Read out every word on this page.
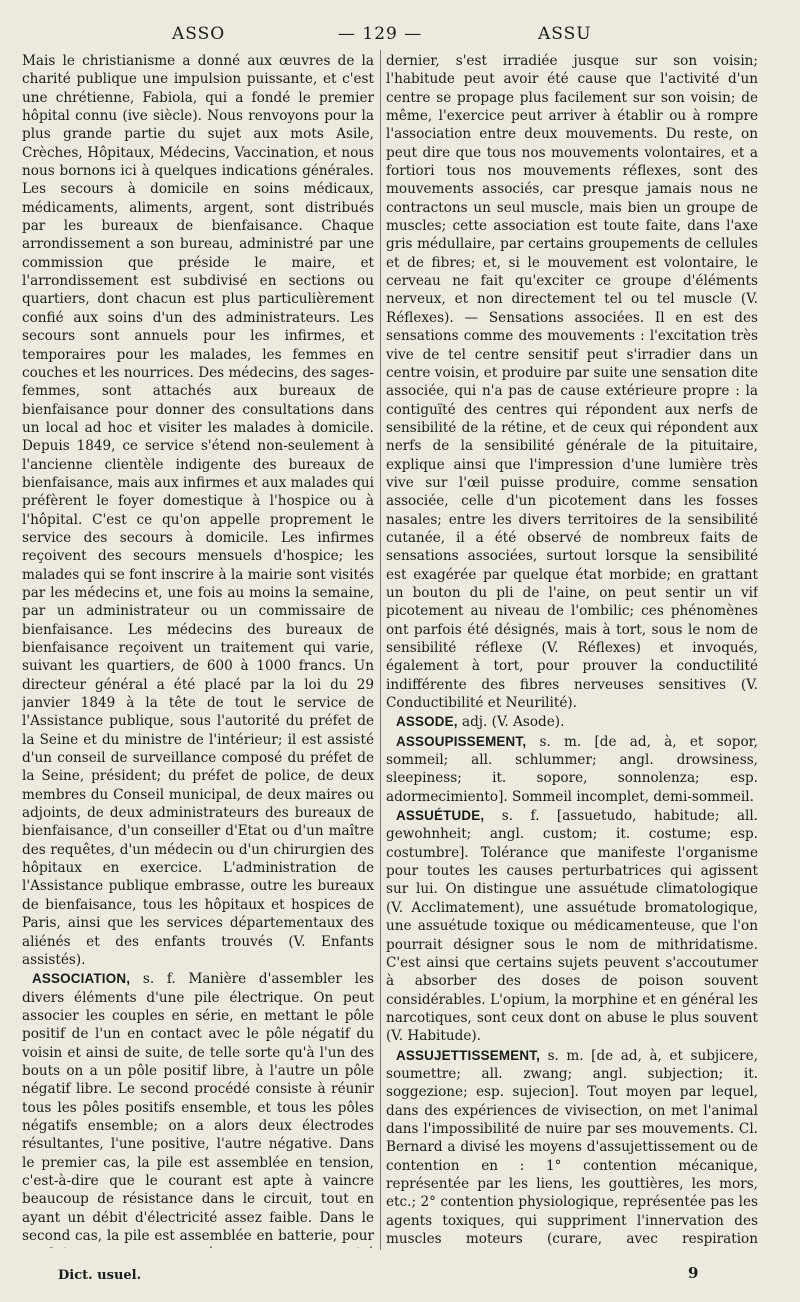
ASSO	— 129 —	ASSU

Mais le christianisme a donné aux œuvres de la charité publique une impulsion puissante, et c'est une chrétienne, Fabiola, qui a fondé le premier hôpital connu (ive siècle). Nous renvoyons pour la plus grande partie du sujet aux mots Asile, Crèches, Hôpitaux, Médecins, Vaccination, et nous nous bornons ici à quelques indications générales. Les secours à domicile en soins médicaux, médicaments, aliments, argent, sont distribués par les bureaux de bienfaisance. Chaque arrondissement a son bureau, administré par une commission que préside le maire, et l'arrondissement est subdivisé en sections ou quartiers, dont chacun est plus particulièrement confié aux soins d'un des administrateurs. Les secours sont annuels pour les infirmes, et temporaires pour les malades, les femmes en couches et les nourrices. Des médecins, des sages-femmes, sont attachés aux bureaux de bienfaisance pour donner des consultations dans un local ad hoc et visiter les malades à domicile. Depuis 1849, ce service s'étend non-seulement à l'ancienne clientèle indigente des bureaux de bienfaisance, mais aux infirmes et aux malades qui préfèrent le foyer domestique à l'hospice ou à l'hôpital. C'est ce qu'on appelle proprement le service des secours à domicile. Les infirmes reçoivent des secours mensuels d'hospice; les malades qui se font inscrire à la mairie sont visités par les médecins et, une fois au moins la semaine, par un administrateur ou un commissaire de bienfaisance. Les médecins des bureaux de bienfaisance reçoivent un traitement qui varie, suivant les quartiers, de 600 à 1000 francs. Un directeur général a été placé par la loi du 29 janvier 1849 à la tête de tout le service de l'Assistance publique, sous l'autorité du préfet de la Seine et du ministre de l'intérieur; il est assisté d'un conseil de surveillance composé du préfet de la Seine, président; du préfet de police, de deux membres du Conseil municipal, de deux maires ou adjoints, de deux administrateurs des bureaux de bienfaisance, d'un conseiller d'Etat ou d'un maître des requêtes, d'un médecin ou d'un chirurgien des hôpitaux en exercice. L'administration de l'Assistance publique embrasse, outre les bureaux de bienfaisance, tous les hôpitaux et hospices de Paris, ainsi que les services départementaux des aliénés et des enfants trouvés (V. Enfants assistés).

ASSOCIATION, s. f. Manière d'assembler les divers éléments d'une pile électrique. On peut associer les couples en série, en mettant le pôle positif de l'un en contact avec le pôle négatif du voisin et ainsi de suite, de telle sorte qu'à l'un des bouts on a un pôle positif libre, à l'autre un pôle négatif libre. Le second procédé consiste à réunir tous les pôles positifs ensemble, et tous les pôles négatifs ensemble; on a alors deux électrodes résultantes, l'une positive, l'autre négative. Dans le premier cas, la pile est assemblée en tension, c'est-à-dire que le courant est apte à vaincre beaucoup de résistance dans le circuit, tout en ayant un débit d'électricité assez faible. Dans le second cas, la pile est assemblée en batterie, pour

dernier, s'est irradiée jusque sur son voisin; l'habitude peut avoir été cause que l'activité d'un centre se propage plus facilement sur son voisin; de même, l'exercice peut arriver à établir ou à rompre l'association entre deux mouvements. Du reste, on peut dire que tous nos mouvements volontaires, et a fortiori tous nos mouvements réflexes, sont des mouvements associés, car presque jamais nous ne contractons un seul muscle, mais bien un groupe de muscles; cette association est toute faite, dans l'axe gris médullaire, par certains groupements de cellules et de fibres; et, si le mouvement est volontaire, le cerveau ne fait qu'exciter ce groupe d'éléments nerveux, et non directement tel ou tel muscle (V. Réflexes). — Sensations associées. Il en est des sensations comme des mouvements : l'excitation très vive de tel centre sensitif peut s'irradier dans un centre voisin, et produire par suite une sensation dite associée, qui n'a pas de cause extérieure propre : la contiguïté des centres qui répondent aux nerfs de sensibilité de la rétine, et de ceux qui répondent aux nerfs de la sensibilité générale de la pituitaire, explique ainsi que l'impression d'une lumière très vive sur l'œil puisse produire, comme sensation associée, celle d'un picotement dans les fosses nasales; entre les divers territoires de la sensibilité cutanée, il a été observé de nombreux faits de sensations associées, surtout lorsque la sensibilité est exagérée par quelque état morbide; en grattant un bouton du pli de l'aine, on peut sentir un vif picotement au niveau de l'ombilic; ces phénomènes ont parfois été désignés, mais à tort, sous le nom de sensibilité réflexe (V. Réflexes) et invoqués, également à tort, pour prouver la conductilité indifférente des fibres nerveuses sensitives (V. Conductibilité et Neurilité).

ASSODE, adj. (V. Asode).

ASSOUPISSEMENT, s. m. [de ad, à, et sopor, sommeil; all. schlummer; angl. drowsiness, sleepiness; it. sopore, sonnolenza; esp. adormecimiento]. Sommeil incomplet, demi-sommeil.

ASSUÉTUDE, s. f. [assuetudo, habitude; all. gewohnheit; angl. custom; it. costume; esp. costumbre]. Tolérance que manifeste l'organisme pour toutes les causes perturbatrices qui agissent sur lui. On distingue une assuétude climatologique (V. Acclimatement), une assuétude bromatologique, une assuétude toxique ou médicamenteuse, que l'on pourrait désigner sous le nom de mithridatisme. C'est ainsi que certains sujets peuvent s'accoutumer à absorber des doses de poison souvent considérables. L'opium, la morphine et en général les narcotiques, sont ceux dont on abuse le plus souvent (V. Habitude).

ASSUJETTISSEMENT, s. m. [de ad, à, et subjicere, soumettre; all. zwang; angl. subjection; it. soggezione; esp. sujecion]. Tout moyen par lequel, dans des expériences de vivisection, on met l'animal dans l'impossibilité de nuire par ses mouvements. Cl. Bernard a divisé les moyens d'assujettissement ou de contention en : 1° contention mécanique, représentée par les liens, les gouttières, les mors, etc.; 2° contention physiologique, représentée pas les agents toxiques, qui suppriment l'innervation des muscles moteurs (curare, avec respiration

Dict. usuel.	9
